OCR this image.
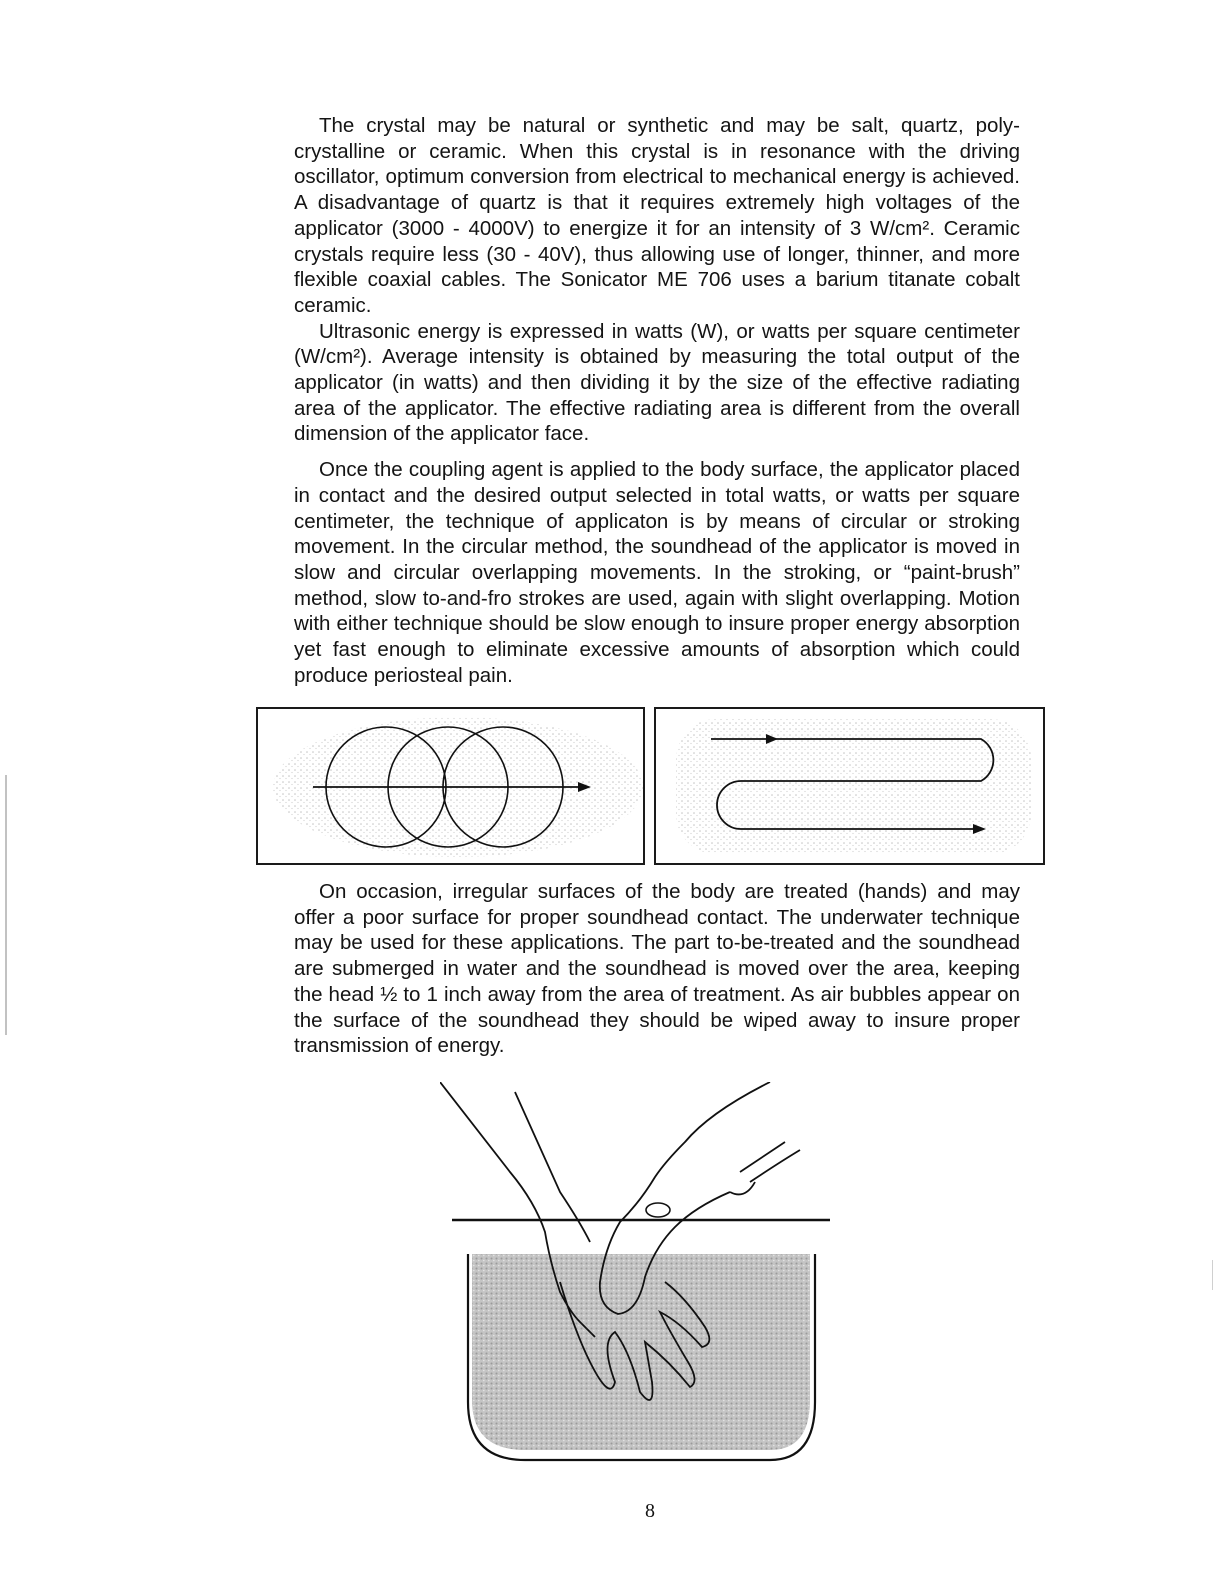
The crystal may be natural or synthetic and may be salt, quartz, poly-crystalline or ceramic. When this crystal is in resonance with the driving oscillator, optimum conversion from electrical to mechanical energy is achieved. A disadvantage of quartz is that it requires extremely high voltages of the applicator (3000 - 4000V) to energize it for an intensity of 3 W/cm². Ceramic crystals require less (30 - 40V), thus allowing use of longer, thinner, and more flexible coaxial cables. The Sonicator ME 706 uses a barium titanate cobalt ceramic.

Ultrasonic energy is expressed in watts (W), or watts per square centimeter (W/cm²). Average intensity is obtained by measuring the total output of the applicator (in watts) and then dividing it by the size of the effective radiating area of the applicator. The effective radiating area is different from the overall dimension of the applicator face.

Once the coupling agent is applied to the body surface, the applicator placed in contact and the desired output selected in total watts, or watts per square centimeter, the technique of applicaton is by means of circular or stroking movement. In the circular method, the soundhead of the applicator is moved in slow and circular overlapping movements. In the stroking, or “paint-brush” method, slow to-and-fro strokes are used, again with slight overlapping. Motion with either technique should be slow enough to insure proper energy absorption yet fast enough to eliminate excessive amounts of absorption which could produce periosteal pain.

On occasion, irregular surfaces of the body are treated (hands) and may offer a poor surface for proper soundhead contact. The underwater technique may be used for these applications. The part to-be-treated and the soundhead are submerged in water and the soundhead is moved over the area, keeping the head ½ to 1 inch away from the area of treatment. As air bubbles appear on the surface of the soundhead they should be wiped away to insure proper transmission of energy.

8
